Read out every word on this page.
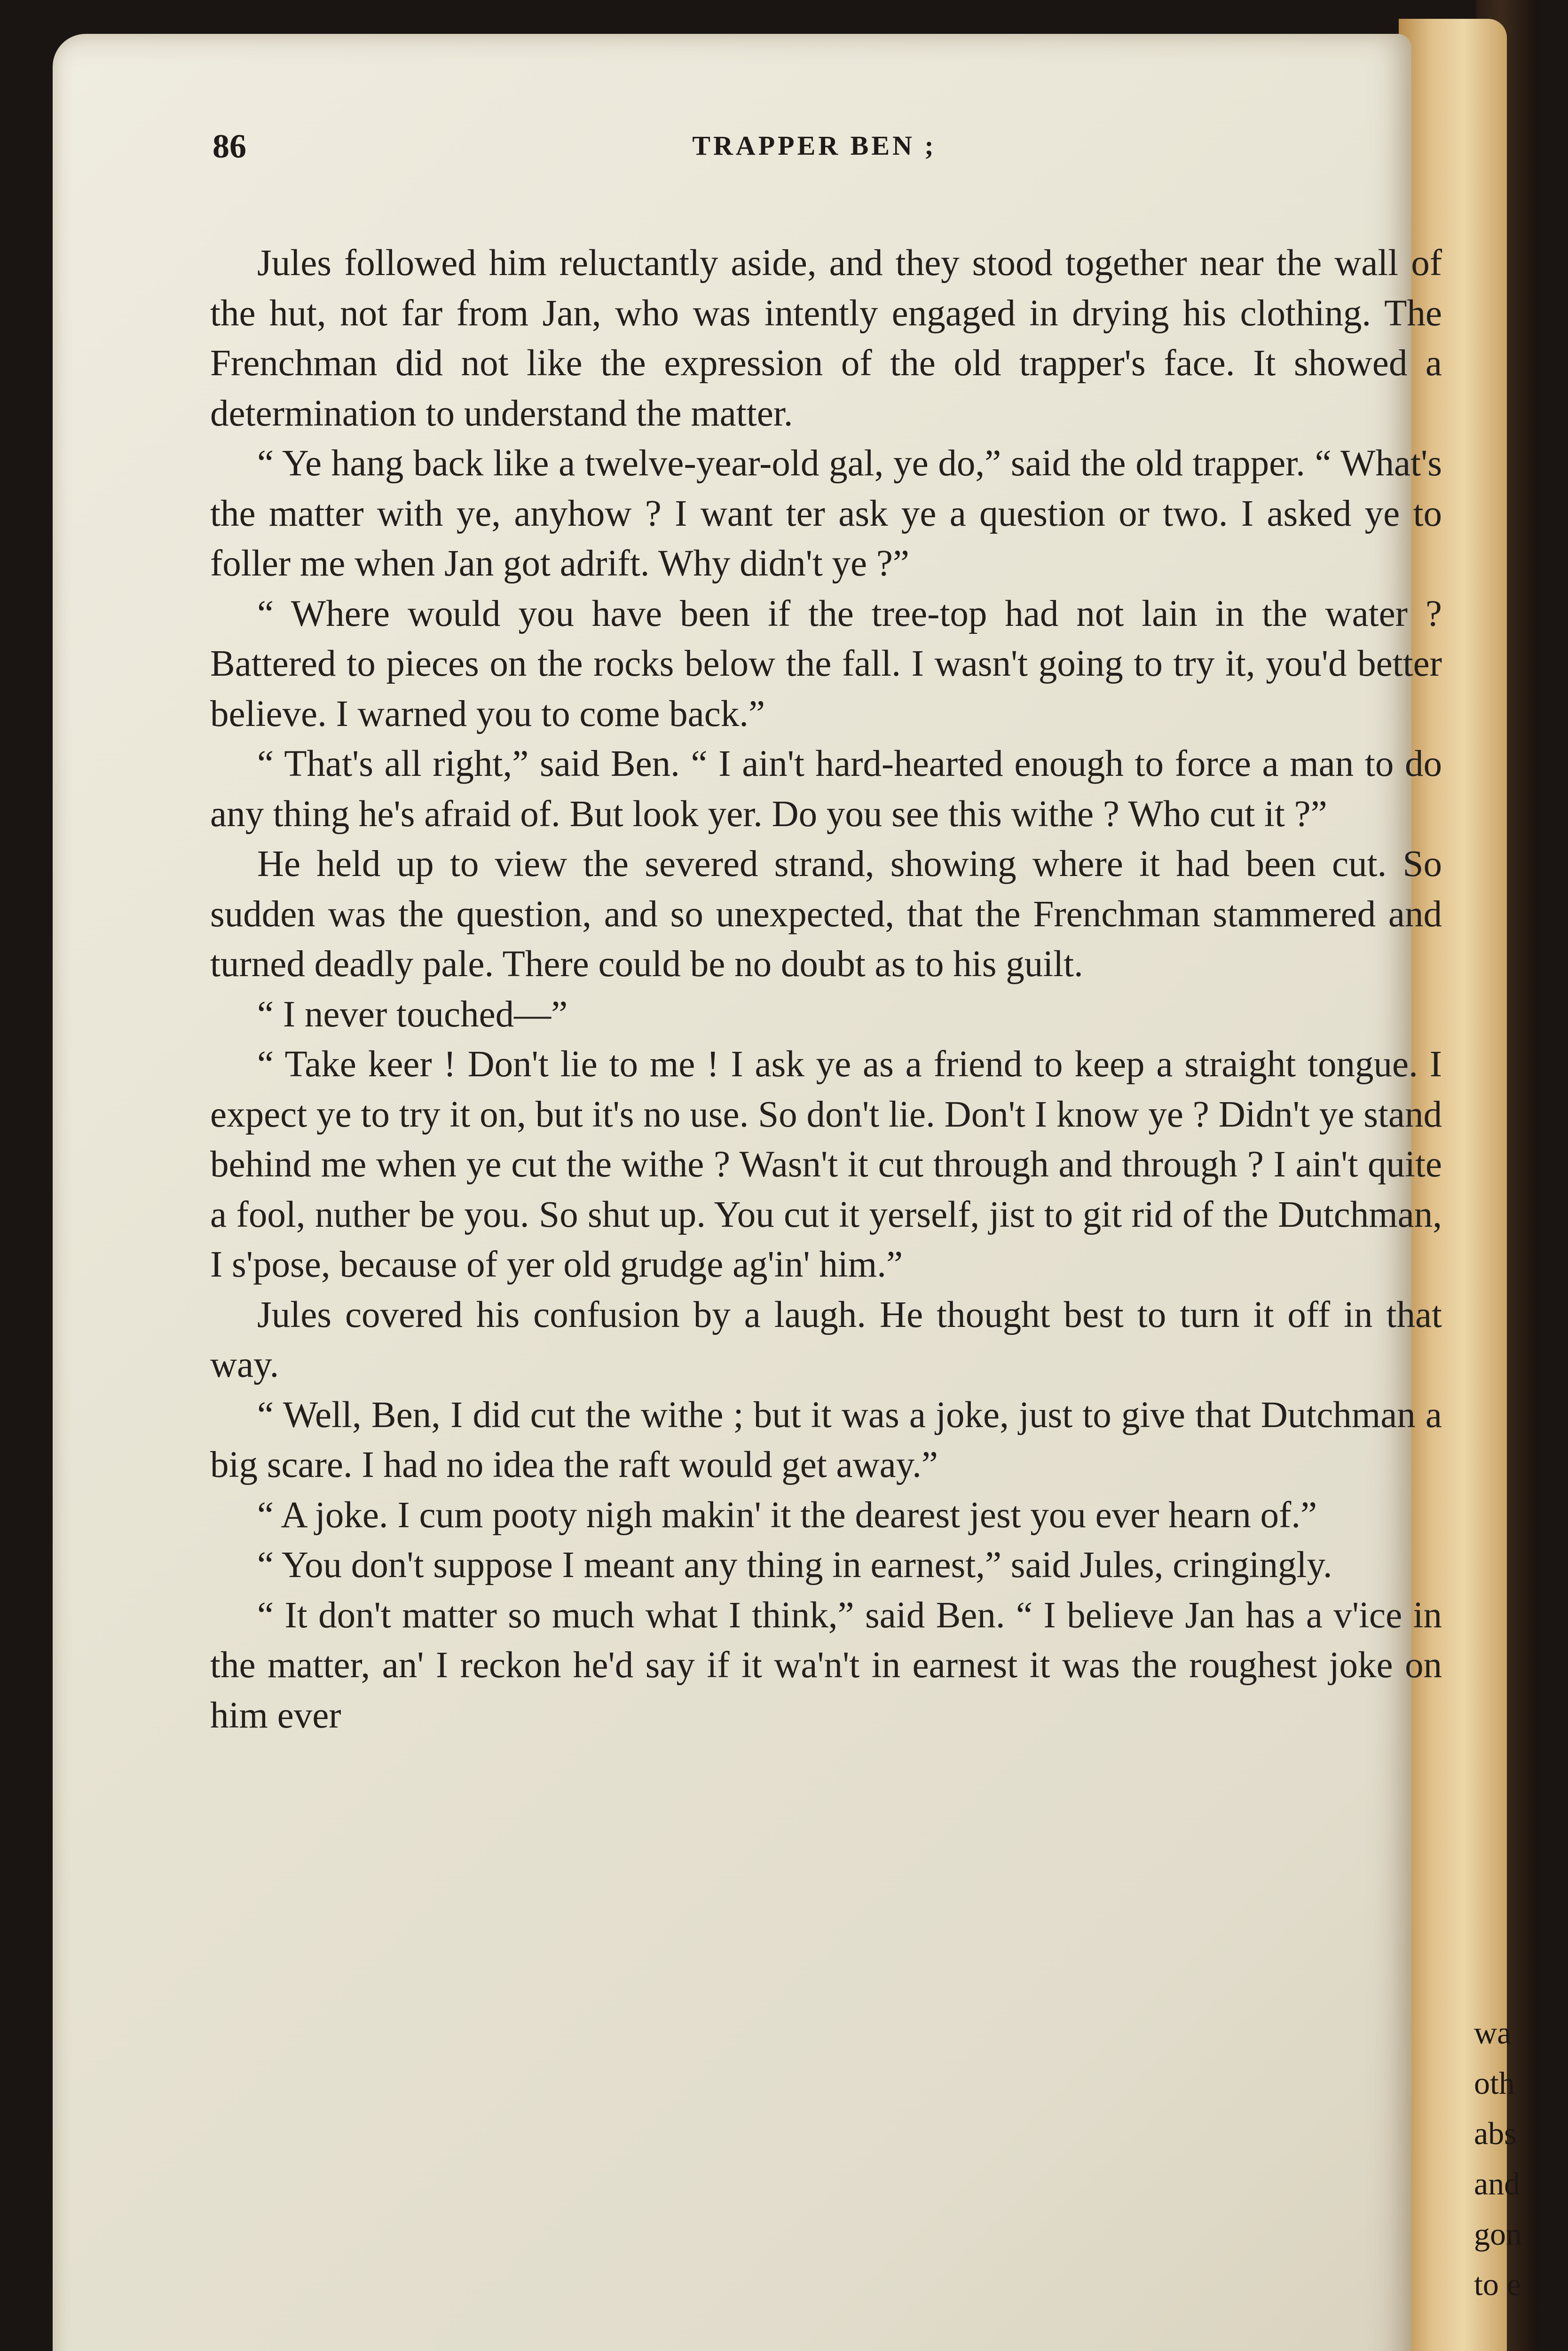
wa
oth
abs
and
gon
to e
86	TRAPPER BEN ;

Jules followed him reluctantly aside, and they stood together near the wall of the hut, not far from Jan, who was intently engaged in drying his clothing. The Frenchman did not like the expression of the old trapper's face. It showed a determination to understand the matter.

“ Ye hang back like a twelve-year-old gal, ye do,” said the old trapper. “ What's the matter with ye, anyhow ? I want ter ask ye a question or two. I asked ye to foller me when Jan got adrift. Why didn't ye ?”

“ Where would you have been if the tree-top had not lain in the water ? Battered to pieces on the rocks below the fall. I wasn't going to try it, you'd better believe. I warned you to come back.”

“ That's all right,” said Ben. “ I ain't hard-hearted enough to force a man to do any thing he's afraid of. But look yer. Do you see this withe ? Who cut it ?”

He held up to view the severed strand, showing where it had been cut. So sudden was the question, and so unexpected, that the Frenchman stammered and turned deadly pale. There could be no doubt as to his guilt.

“ I never touched—”

“ Take keer ! Don't lie to me ! I ask ye as a friend to keep a straight tongue. I expect ye to try it on, but it's no use. So don't lie. Don't I know ye ? Didn't ye stand behind me when ye cut the withe ? Wasn't it cut through and through ? I ain't quite a fool, nuther be you. So shut up. You cut it yerself, jist to git rid of the Dutchman, I s'pose, because of yer old grudge ag'in' him.”

Jules covered his confusion by a laugh. He thought best to turn it off in that way.

“ Well, Ben, I did cut the withe ; but it was a joke, just to give that Dutchman a big scare. I had no idea the raft would get away.”

“ A joke. I cum pooty nigh makin' it the dearest jest you ever hearn of.”

“ You don't suppose I meant any thing in earnest,” said Jules, cringingly.

“ It don't matter so much what I think,” said Ben. “ I believe Jan has a v'ice in the matter, an' I reckon he'd say if it wa'n't in earnest it was the roughest joke on him ever
